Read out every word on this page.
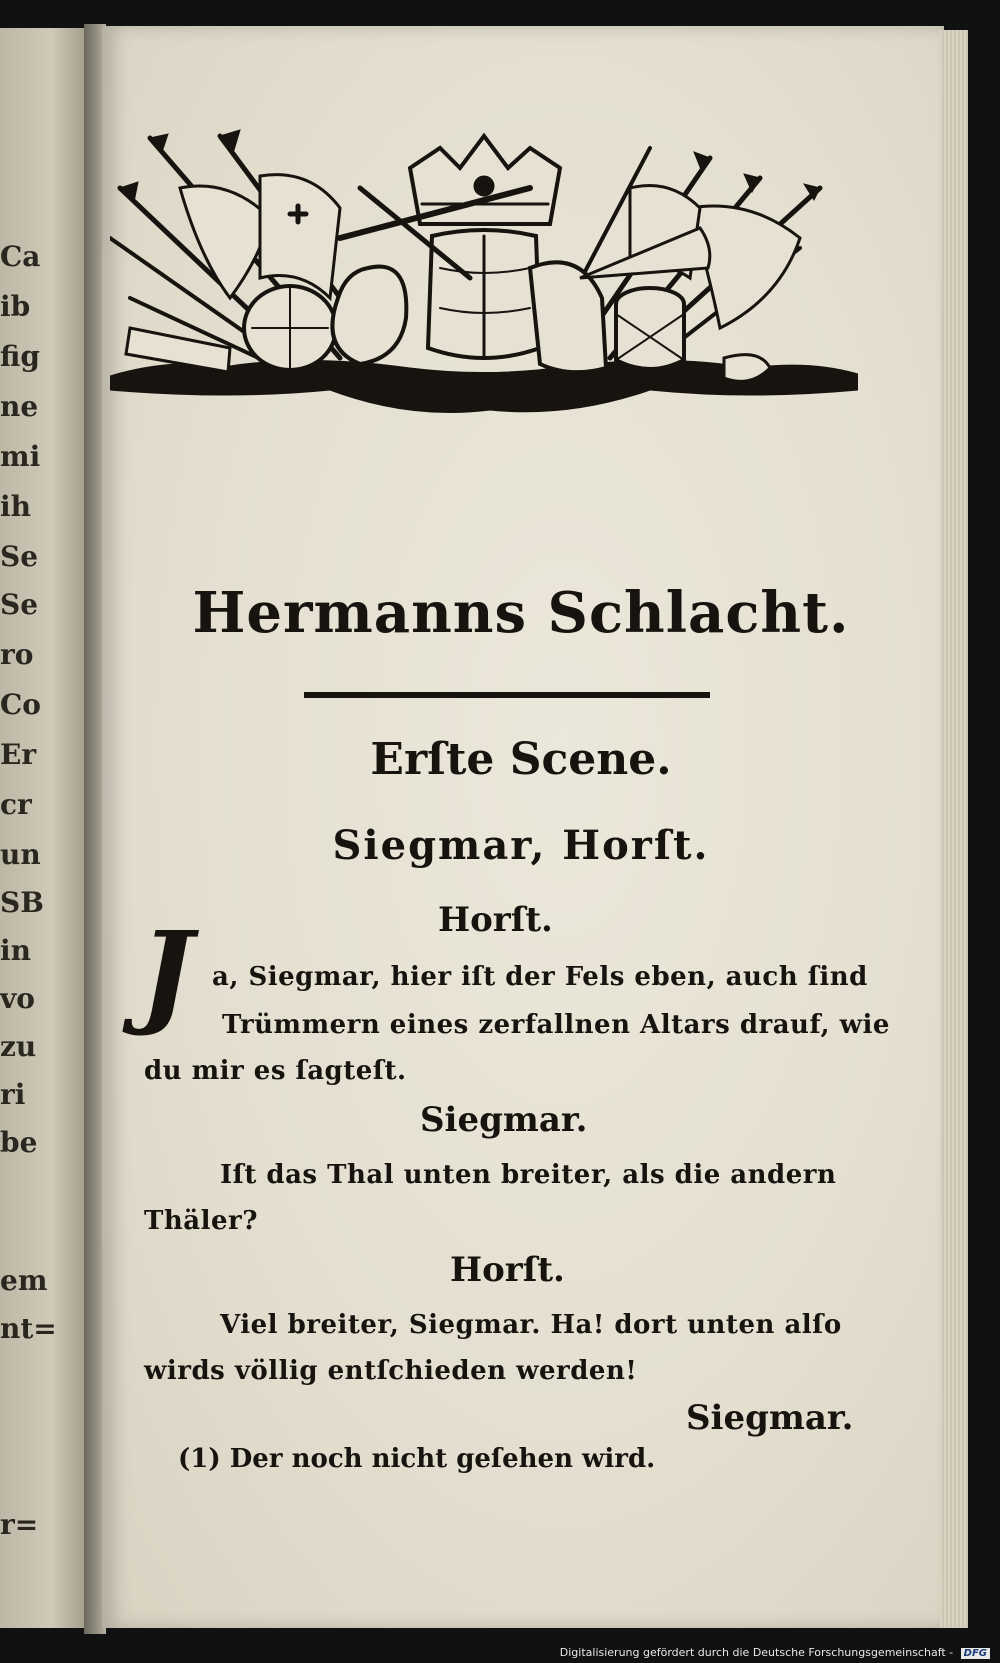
Ca
ib
fig
ne
mi
ih
Se
Se
ro
Co
Er
cr
un
SB
in
vo
zu
ri
be
em
nt=
r=
Hermanns Schlacht.
Erſte Scene.
Siegmar, Horſt.
Horſt.
J a, Siegmar, hier iſt der Fels eben, auch ſind
Trümmern eines zerfallnen Altars drauf, wie
du mir es ſagteſt.
Siegmar.
Iſt das Thal unten breiter, als die andern
Thäler?
Horſt.
Viel breiter, Siegmar. Ha! dort unten alſo
wirds völlig entſchieden werden!
Siegmar.
(1) Der noch nicht geſehen wird.
Digitalisierung gefördert durch die Deutsche Forschungsgemeinschaft - DFG
